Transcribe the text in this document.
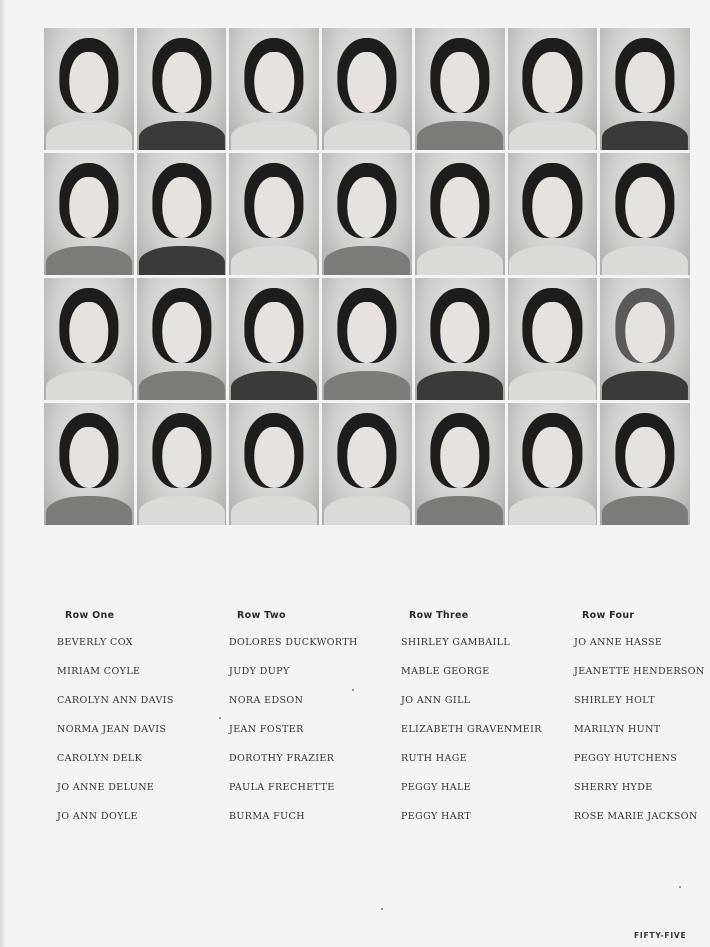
Row One
BEVERLY COX
MIRIAM COYLE
CAROLYN ANN DAVIS
NORMA JEAN DAVIS
CAROLYN DELK
JO ANNE DELUNE
JO ANN DOYLE
Row Two
DOLORES DUCKWORTH
JUDY DUPY
NORA EDSON
JEAN FOSTER
DOROTHY FRAZIER
PAULA FRECHETTE
BURMA FUCH
Row Three
SHIRLEY GAMBAILL
MABLE GEORGE
JO ANN GILL
ELIZABETH GRAVENMEIR
RUTH HAGE
PEGGY HALE
PEGGY HART
Row Four
JO ANNE HASSE
JEANETTE HENDERSON
SHIRLEY HOLT
MARILYN HUNT
PEGGY HUTCHENS
SHERRY HYDE
ROSE MARIE JACKSON
FIFTY-FIVE
